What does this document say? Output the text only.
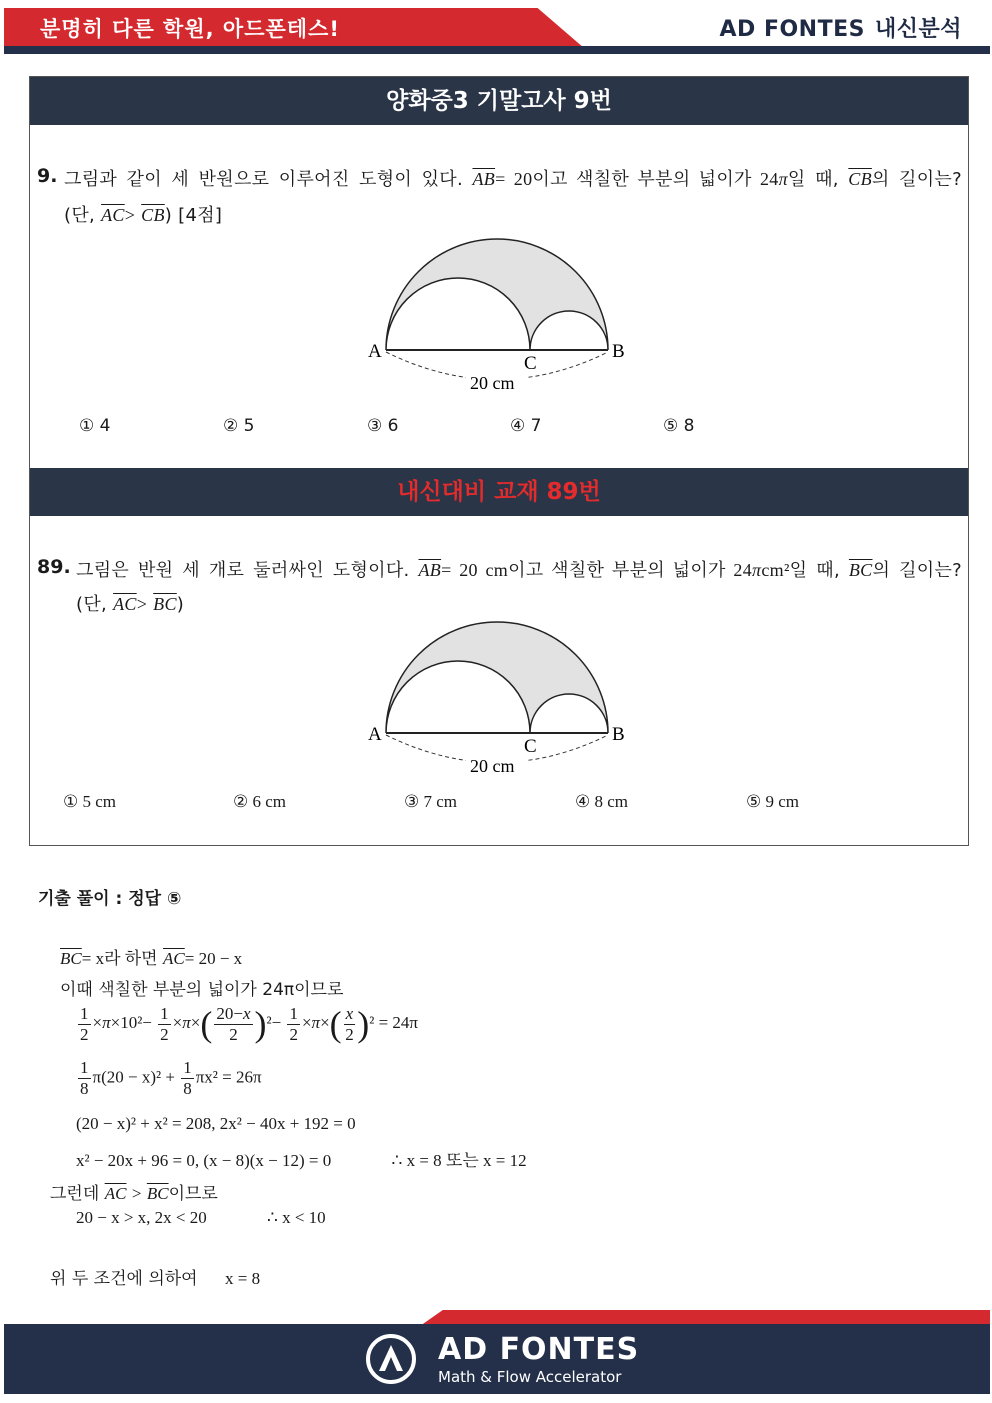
분명히 다른 학원, 아드폰테스!	AD FONTES 내신분석
양화중3 기말고사 9번
9. 그림과 같이 세 반원으로 이루어진 도형이 있다. $\overline{AB}= 20$이고 색칠한 부분의 넓이가 24π일 때, $\overline{CB}$의 길이는?
(단, $\overline{AC}> \overline{CB}$) [4점]
A	B
C
20 cm
① 4	② 5	③ 6	④ 7	⑤ 8
내신대비 교재 89번
89. 그림은 반원 세 개로 둘러싸인 도형이다. $\overline{AB}= 20$ cm이고 색칠한 부분의 넓이가 24πcm²일 때, $\overline{BC}$의 길이는?
(단, $\overline{AC}> \overline{BC}$)
A	B
C
20 cm
① 5 cm	② 6 cm	③ 7 cm	④ 8 cm	⑤ 9 cm
기출 풀이 : 정답 ⑤
$\overline{BC}= x$라 하면 $\overline{AC}= 20 - x$
이때 색칠한 부분의 넓이가 24π이므로
$\frac{1}{2} \times\pi\times 10^2- \frac{1}{2} \times\pi\times( \frac{20-x}{2} )^2- \frac{1}{2} \times\pi\times( \frac{x}{2} )^2 = 24\pi$
$\frac{1}{8} \pi(20 - x)^2 + \frac{1}{8} \pi x^2 = 26\pi$
(20 − x)² + x² = 208, 2x² − 40x + 192 = 0
x² − 20x + 96 = 0, (x − 8)(x − 12) = 0	∴ x = 8 또는 x = 12
그런데 $\overline{AC} > \overline{BC}$이므로
20 − x > x, 2x < 20	∴ x < 10
위 두 조건에 의하여 x = 8
AD FONTES
Math & Flow Accelerator
